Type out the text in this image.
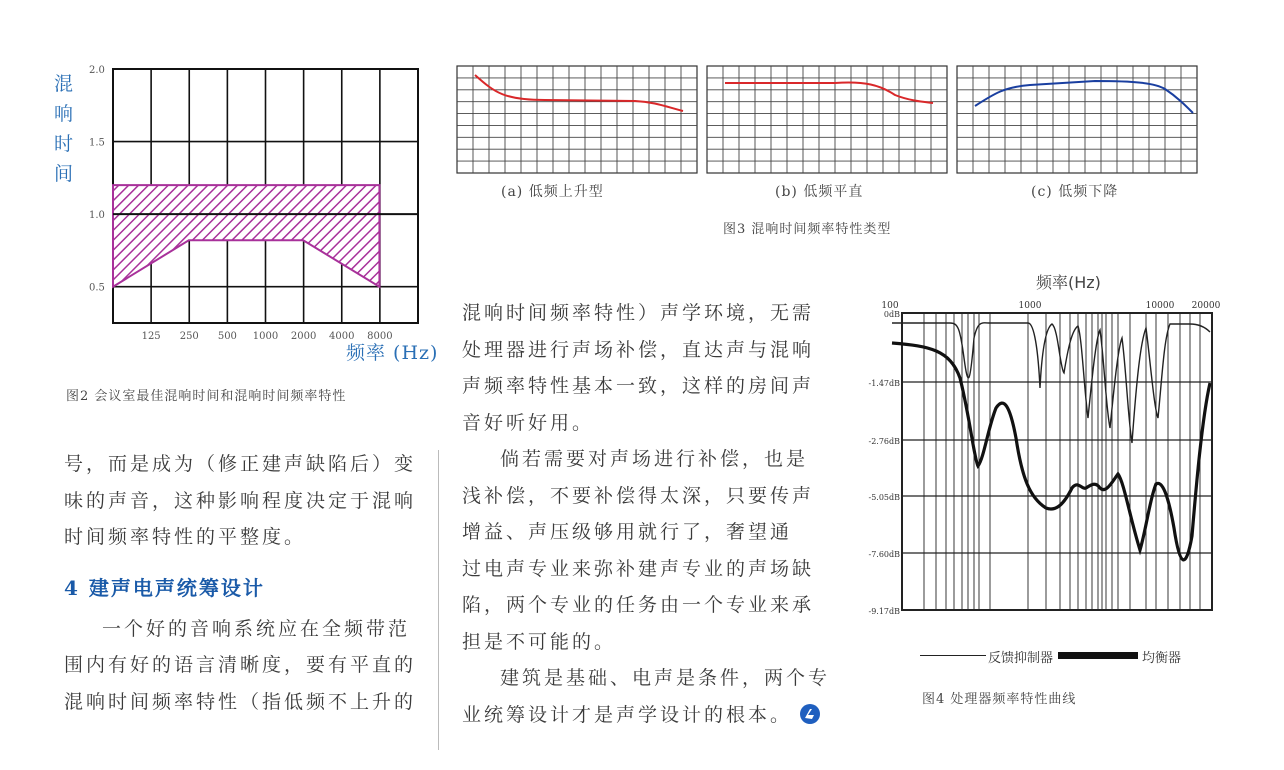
混
响
时
间
2.0
1.5
1.0
0.5
125 250 500 1000 2000 4000 8000
频率 (Hz)
图2 会议室最佳混响时间和混响时间频率特性
(a) 低频上升型	(b) 低频平直	(c) 低频下降
图3 混响时间频率特性类型
频率(Hz)
100	1000	10000 20000
0dB
-1.47dB
-2.76dB
-5.05dB
-7.60dB
-9.17dB
反馈抑制器	均衡器
图4 处理器频率特性曲线
号，而是成为（修正建声缺陷后）变
味的声音，这种影响程度决定于混响
时间频率特性的平整度。
4 建声电声统筹设计
一个好的音响系统应在全频带范
围内有好的语言清晰度，要有平直的
混响时间频率特性（指低频不上升的
混响时间频率特性）声学环境，无需
处理器进行声场补偿，直达声与混响
声频率特性基本一致，这样的房间声
音好听好用。
倘若需要对声场进行补偿，也是
浅补偿，不要补偿得太深，只要传声
增益、声压级够用就行了，奢望通
过电声专业来弥补建声专业的声场缺
陷，两个专业的任务由一个专业来承
担是不可能的。
建筑是基础、电声是条件，两个专
业统筹设计才是声学设计的根本。
